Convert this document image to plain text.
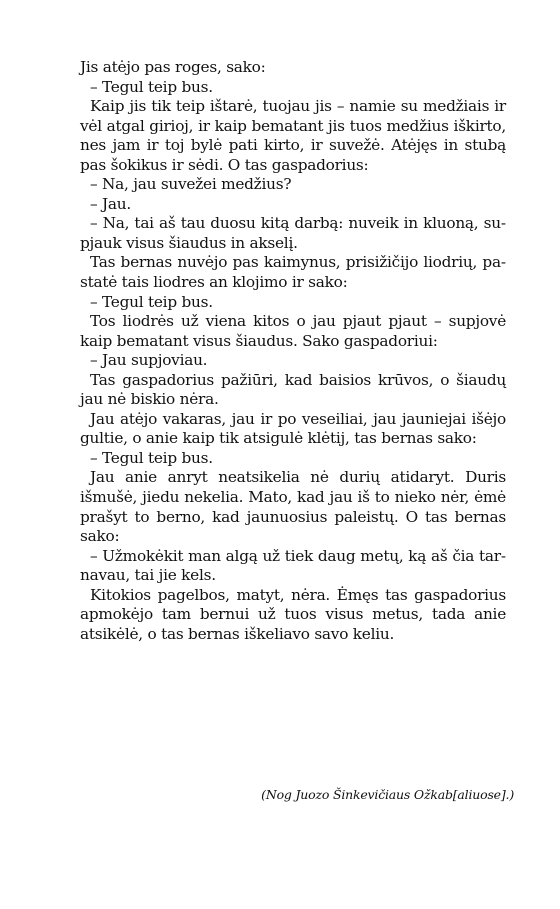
Jis atėjo pas roges, sako:

– Tegul teip bus.

Kaip jis tik teip ištarė, tuojau jis – namie su medžiais ir vėl atgal girioj, ir kaip bematant jis tuos medžius iškirto, nes jam ir toj bylė pati kirto, ir suvežė. Atėjęs in stubą pas šokikus ir sėdi. O tas gaspadorius:

– Na, jau suvežei medžius?

– Jau.

– Na, tai aš tau duosu kitą darbą: nuveik in kluoną, supjauk visus šiaudus in akselį.

Tas bernas nuvėjo pas kaimynus, prisižičijo liodrių, pastatė tais liodres an klojimo ir sako:

– Tegul teip bus.

Tos liodrės už viena kitos o jau pjaut pjaut – supjovė kaip bematant visus šiaudus. Sako gaspadoriui:

– Jau supjoviau.

Tas gaspadorius pažiūri, kad baisios krūvos, o šiaudų jau nė biskio nėra.

Jau atėjo vakaras, jau ir po veseiliai, jau jauniejai išėjo gultie, o anie kaip tik atsigulė klėtij, tas bernas sako:

– Tegul teip bus.

Jau anie anryt neatsikelia nė durių atidaryt. Duris išmušė, jiedu nekelia. Mato, kad jau iš to nieko nėr, ėmė prašyt to berno, kad jaunuosius paleistų. O tas bernas sako:

– Užmokėkit man algą už tiek daug metų, ką aš čia tarnavau, tai jie kels.

Kitokios pagelbos, matyt, nėra. Ėmęs tas gaspadorius apmokėjo tam bernui už tuos visus metus, tada anie atsikėlė, o tas bernas iškeliavo savo keliu.

(Nog Juozo Šinkevičiaus Ožkab[aliuose].)
